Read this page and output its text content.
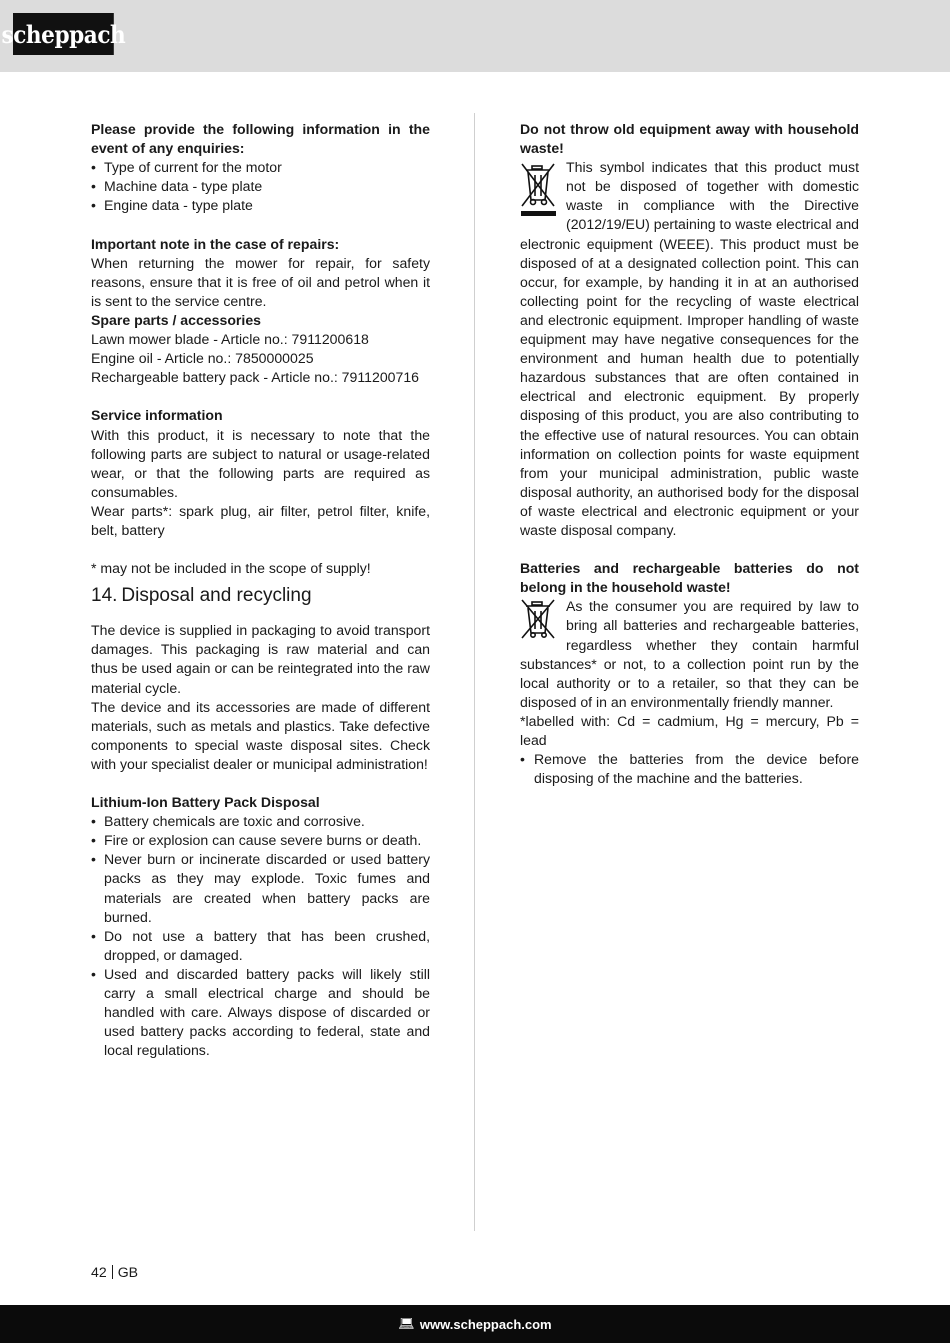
scheppach

Please provide the following information in the event of any enquiries:

• Type of current for the motor
• Machine data - type plate
• Engine data - type plate

Important note in the case of repairs:

When returning the mower for repair, for safety reasons, ensure that it is free of oil and petrol when it is sent to the service centre.

Spare parts / accessories

Lawn mower blade - Article no.: 7911200618

Engine oil - Article no.: 7850000025

Rechargeable battery pack - Article no.: 7911200716

Service information

With this product, it is necessary to note that the following parts are subject to natural or usage-related wear, or that the following parts are required as consumables.

Wear parts*: spark plug, air filter, petrol filter, knife, belt, battery

* may not be included in the scope of supply!

14. Disposal and recycling

The device is supplied in packaging to avoid transport damages. This packaging is raw material and can thus be used again or can be reintegrated into the raw material cycle.

The device and its accessories are made of different materials, such as metals and plastics. Take defective components to special waste disposal sites. Check with your specialist dealer or municipal administration!

Lithium-Ion Battery Pack Disposal

• Battery chemicals are toxic and corrosive.
• Fire or explosion can cause severe burns or death.
• Never burn or incinerate discarded or used battery packs as they may explode. Toxic fumes and materials are created when battery packs are burned.
• Do not use a battery that has been crushed, dropped, or damaged.
• Used and discarded battery packs will likely still carry a small electrical charge and should be handled with care. Always dispose of discarded or used battery packs according to federal, state and local regulations.

Do not throw old equipment away with household waste!

This symbol indicates that this product must not be disposed of together with domestic waste in compliance with the Directive (2012/19/EU) pertaining to waste electrical and electronic equipment (WEEE). This product must be disposed of at a designated collection point. This can occur, for example, by handing it in at an authorised collecting point for the recycling of waste electrical and electronic equipment. Improper handling of waste equipment may have negative consequences for the environment and human health due to potentially hazardous substances that are often contained in electrical and electronic equipment. By properly disposing of this product, you are also contributing to the effective use of natural resources. You can obtain information on collection points for waste equipment from your municipal administration, public waste disposal authority, an authorised body for the disposal of waste electrical and electronic equipment or your waste disposal company.

Batteries and rechargeable batteries do not belong in the household waste!

As the consumer you are required by law to bring all batteries and rechargeable batteries, regardless whether they contain harmful substances* or not, to a collection point run by the local authority or to a retailer, so that they can be disposed of in an environmentally friendly manner.

*labelled with: Cd = cadmium, Hg = mercury, Pb = lead

• Remove the batteries from the device before disposing of the machine and the batteries.
42 GB
💻︎ www.scheppach.com
